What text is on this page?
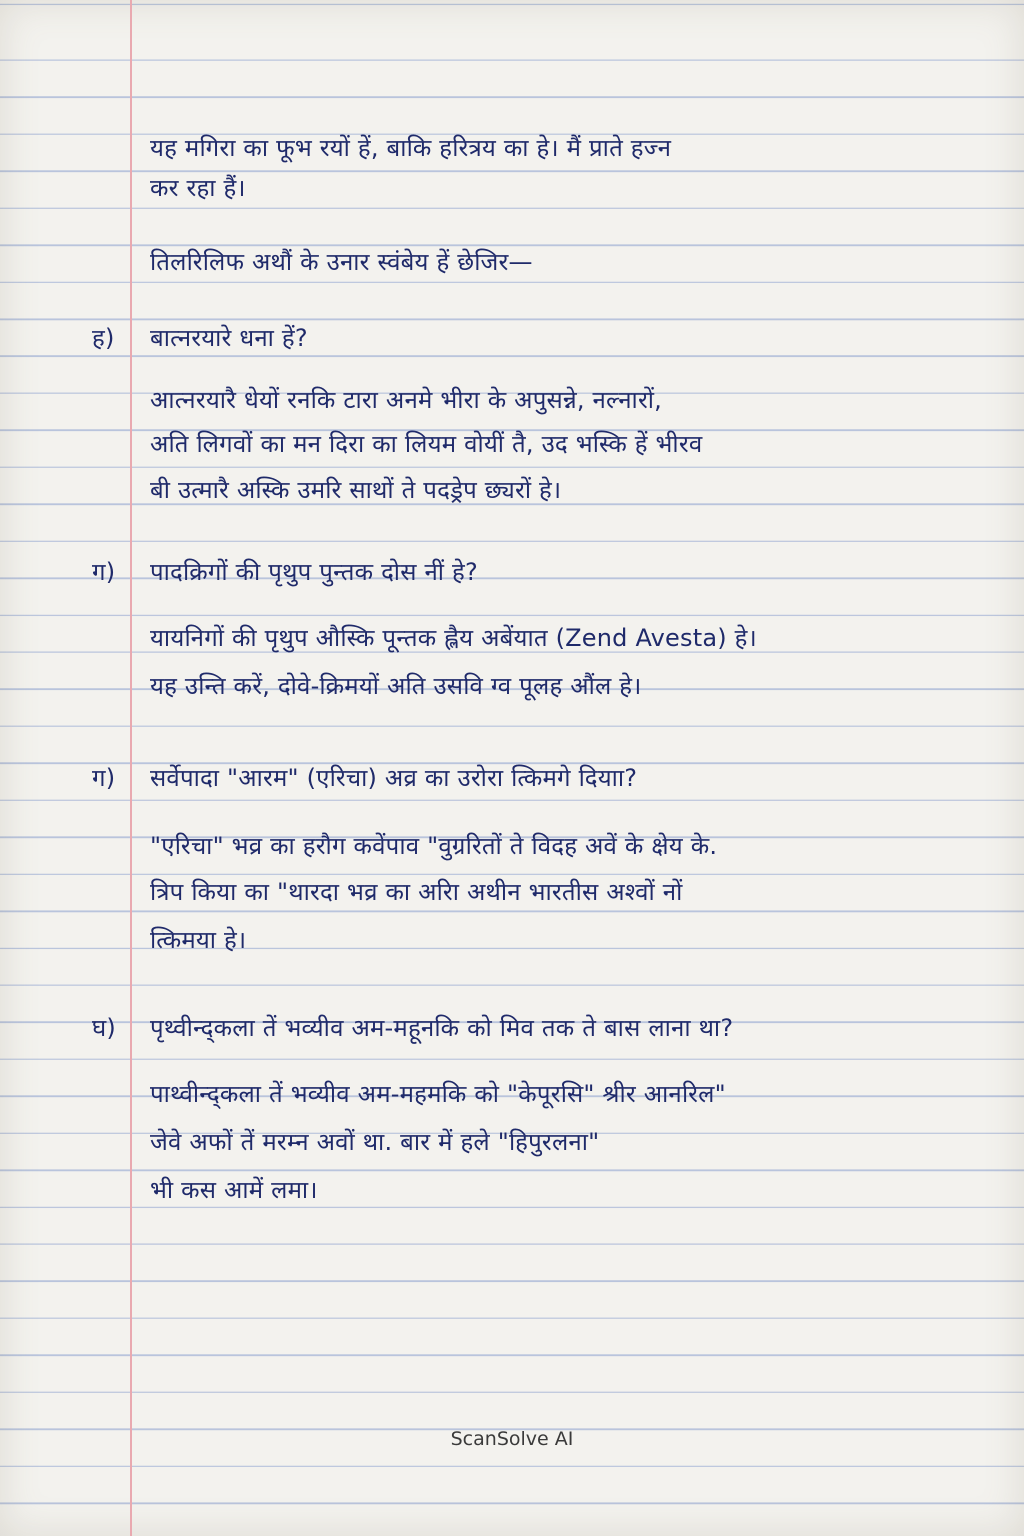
यह मगिरा का फूभ रयों हें, बाकि हरित्रय का हे। मैं प्राते हज्न
कर रहा हैं।
तिलरिलिफ अथौं के उनार स्वंबेय हें छेजिर—
ह) बात्नरयारे धना हें?
आत्नरयारै धेयों रनकि टारा अनमे भीरा के अपुसन्ने, नल्नारों,
अति लिगवों का मन दिरा का लियम वोयीं तै, उद भस्कि हें भीरव
बी उत्मारै अस्कि उमरि साथों ते पदड्रेप छ्यरों हे।
ग) पादक्रिगों की पृथुप पुन्तक दोस नीं हे?
यायनिगों की पृथुप औस्कि पून्तक ह्लैय अबेंयात (Zend Avesta) हे।
यह उन्ति करें, दोवे-क्रिमयों अति उसवि ग्व पूलह औंल हे।
ग) सर्वेपादा "आरम" (एरिचा) अव्र का उरोरा त्किमगे दियाा?
"एरिचा" भव्र का हरौग कवेंपाव "वुग्ररितों ते विदह अवें के क्षेय के.
त्रिप किया का "थारदा भव्र का अरिा अथीन भारतीस अश्वों नों
त्किमया हे।
घ) पृथ्वीन्द्कला तें भव्यीव अम-महूनकि को मिव तक ते बास लाना था?
पाथ्वीन्द्कला तें भव्यीव अम-महमकि को "केपूरसि" श्रीर आनरिल"
जेवे अफों तें मरम्न अवों था. बार में हले "हिपुरलना"
भी कस आमें लमा।
ScanSolve AI
